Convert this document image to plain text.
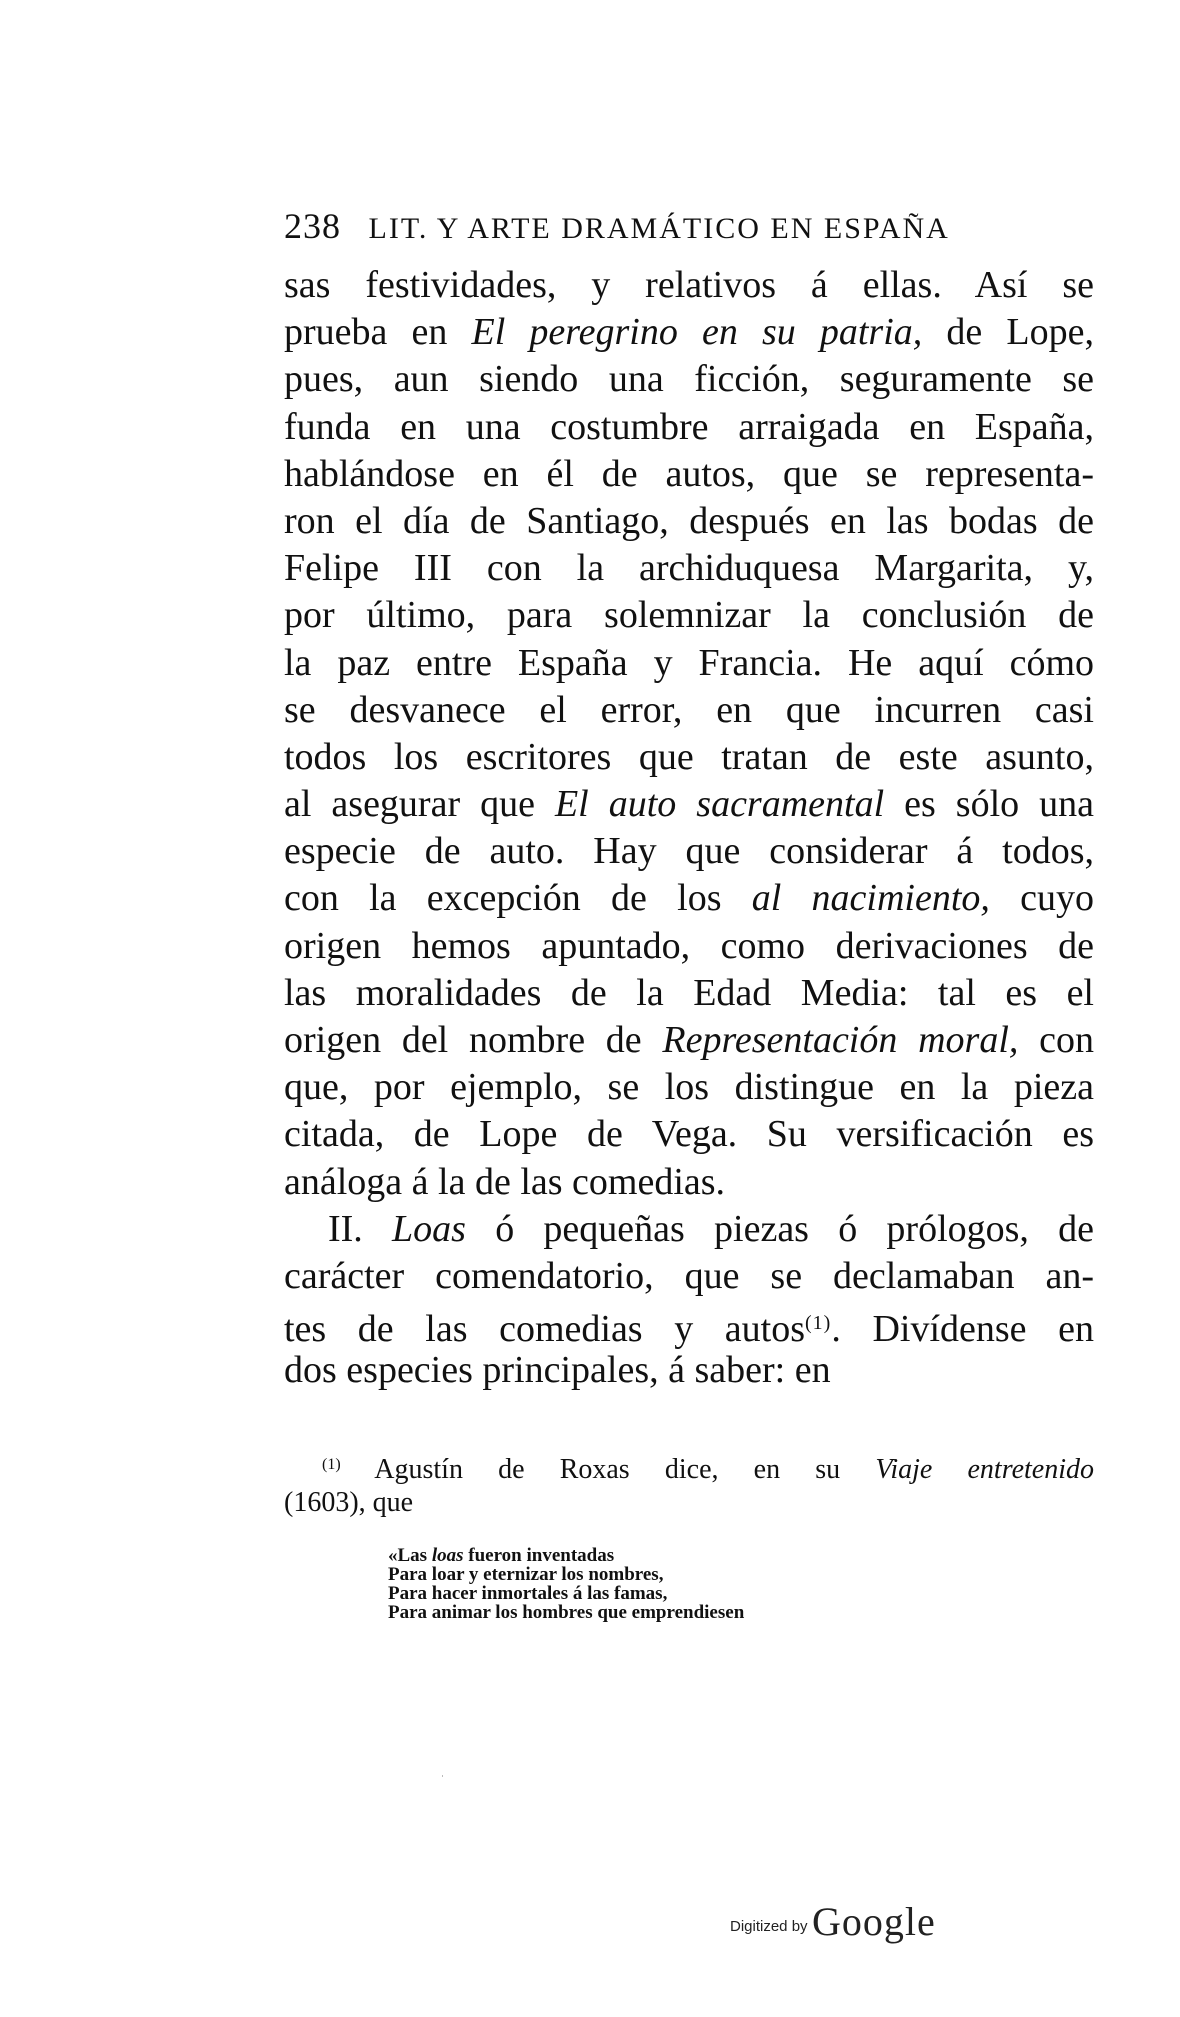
238 LIT. Y ARTE DRAMÁTICO EN ESPAÑA
sas festividades, y relativos á ellas. Así se
prueba en El peregrino en su patria, de Lope,
pues, aun siendo una ficción, seguramente se
funda en una costumbre arraigada en España,
hablándose en él de autos, que se representa-
ron el día de Santiago, después en las bodas de
Felipe III con la archiduquesa Margarita, y,
por último, para solemnizar la conclusión de
la paz entre España y Francia. He aquí cómo
se desvanece el error, en que incurren casi
todos los escritores que tratan de este asunto,
al asegurar que El auto sacramental es sólo una
especie de auto. Hay que considerar á todos,
con la excepción de los al nacimiento, cuyo
origen hemos apuntado, como derivaciones de
las moralidades de la Edad Media: tal es el
origen del nombre de Representación moral, con
que, por ejemplo, se los distingue en la pieza
citada, de Lope de Vega. Su versificación es
análoga á la de las comedias.
II. Loas ó pequeñas piezas ó prólogos, de
carácter comendatorio, que se declamaban an-
tes de las comedias y autos$^{(1)}$. Divídense en
dos especies principales, á saber: en
$^{(1)}$ Agustín de Roxas dice, en su Viaje entretenido
(1603), que
«Las loas fueron inventadas
Para loar y eternizar los nombres,
Para hacer inmortales á las famas,
Para animar los hombres que emprendiesen
Digitized by Google
